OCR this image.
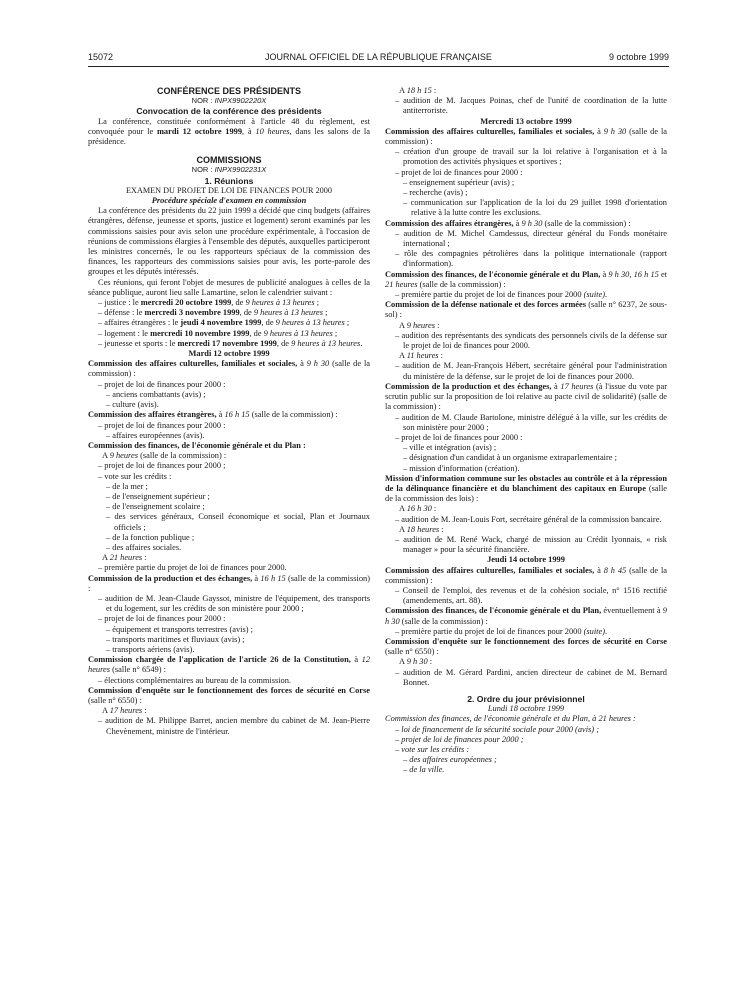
15072	JOURNAL OFFICIEL DE LA RÉPUBLIQUE FRANÇAISE	9 octobre 1999

CONFÉRENCE DES PRÉSIDENTS

NOR : INPX9902220X

Convocation de la conférence des présidents

La conférence, constituée conformément à l'article 48 du règlement, est convoquée pour le mardi 12 octobre 1999, à 10 heures, dans les salons de la présidence.

COMMISSIONS

NOR : INPX9902231X

1. Réunions

EXAMEN DU PROJET DE LOI DE FINANCES POUR 2000

Procédure spéciale d'examen en commission

La conférence des présidents du 22 juin 1999 a décidé que cinq budgets (affaires étrangères, défense, jeunesse et sports, justice et logement) seront examinés par les commissions saisies pour avis selon une procédure expérimentale, à l'occasion de réunions de commissions élargies à l'ensemble des députés, auxquelles participeront les ministres concernés, le ou les rapporteurs spéciaux de la commission des finances, les rapporteurs des commissions saisies pour avis, les porte-parole des groupes et les députés intéressés.

Ces réunions, qui feront l'objet de mesures de publicité analogues à celles de la séance publique, auront lieu salle Lamartine, selon le calendrier suivant :

– justice : le mercredi 20 octobre 1999, de 9 heures à 13 heures ;

– défense : le mercredi 3 novembre 1999, de 9 heures à 13 heures ;

– affaires étrangères : le jeudi 4 novembre 1999, de 9 heures à 13 heures ;

– logement : le mercredi 10 novembre 1999, de 9 heures à 13 heures ;

– jeunesse et sports : le mercredi 17 novembre 1999, de 9 heures à 13 heures.

Mardi 12 octobre 1999

Commission des affaires culturelles, familiales et sociales, à 9 h 30 (salle de la commission) :

– projet de loi de finances pour 2000 :

– anciens combattants (avis) ;

– culture (avis).

Commission des affaires étrangères, à 16 h 15 (salle de la commission) :

– projet de loi de finances pour 2000 :

– affaires européennes (avis).

Commission des finances, de l'économie générale et du Plan :

A 9 heures (salle de la commission) :

– projet de loi de finances pour 2000 ;

– vote sur les crédits :

– de la mer ;

– de l'enseignement supérieur ;

– de l'enseignement scolaire ;

– des services généraux, Conseil économique et social, Plan et Journaux officiels ;

– de la fonction publique ;

– des affaires sociales.

A 21 heures :

– première partie du projet de loi de finances pour 2000.

Commission de la production et des échanges, à 16 h 15 (salle de la commission) :

– audition de M. Jean-Claude Gayssot, ministre de l'équipement, des transports et du logement, sur les crédits de son ministère pour 2000 ;

– projet de loi de finances pour 2000 :

– équipement et transports terrestres (avis) ;

– transports maritimes et fluviaux (avis) ;

– transports aériens (avis).

Commission chargée de l'application de l'article 26 de la Constitution, à 12 heures (salle n° 6549) :

– élections complémentaires au bureau de la commission.

Commission d'enquête sur le fonctionnement des forces de sécurité en Corse (salle n° 6550) :

A 17 heures :

– audition de M. Philippe Barret, ancien membre du cabinet de M. Jean-Pierre Chevènement, ministre de l'intérieur.

A 18 h 15 :

– audition de M. Jacques Poinas, chef de l'unité de coordination de la lutte antiterroriste.

Mercredi 13 octobre 1999

Commission des affaires culturelles, familiales et sociales, à 9 h 30 (salle de la commission) :

– création d'un groupe de travail sur la loi relative à l'organisation et à la promotion des activités physiques et sportives ;

– projet de loi de finances pour 2000 :

– enseignement supérieur (avis) ;

– recherche (avis) ;

– communication sur l'application de la loi du 29 juillet 1998 d'orientation relative à la lutte contre les exclusions.

Commission des affaires étrangères, à 9 h 30 (salle de la commission) :

– audition de M. Michel Camdessus, directeur général du Fonds monétaire international ;

– rôle des compagnies pétrolières dans la politique internationale (rapport d'information).

Commission des finances, de l'économie générale et du Plan, à 9 h 30, 16 h 15 et 21 heures (salle de la commission) :

– première partie du projet de loi de finances pour 2000 (suite).

Commission de la défense nationale et des forces armées (salle n° 6237, 2e sous-sol) :

A 9 heures :

– audition des représentants des syndicats des personnels civils de la défense sur le projet de loi de finances pour 2000.

A 11 heures :

– audition de M. Jean-François Hébert, secrétaire général pour l'administration du ministère de la défense, sur le projet de loi de finances pour 2000.

Commission de la production et des échanges, à 17 heures (à l'issue du vote par scrutin public sur la proposition de loi relative au pacte civil de solidarité) (salle de la commission) :

– audition de M. Claude Bartolone, ministre délégué à la ville, sur les crédits de son ministère pour 2000 ;

– projet de loi de finances pour 2000 :

– ville et intégration (avis) ;

– désignation d'un candidat à un organisme extraparlementaire ;

– mission d'information (création).

Mission d'information commune sur les obstacles au contrôle et à la répression de la délinquance financière et du blanchiment des capitaux en Europe (salle de la commission des lois) :

A 16 h 30 :

– audition de M. Jean-Louis Fort, secrétaire général de la commission bancaire.

A 18 heures :

– audition de M. René Wack, chargé de mission au Crédit lyonnais, « risk manager » pour la sécurité financière.

Jeudi 14 octobre 1999

Commission des affaires culturelles, familiales et sociales, à 8 h 45 (salle de la commission) :

– Conseil de l'emploi, des revenus et de la cohésion sociale, n° 1516 rectifié (amendements, art. 88).

Commission des finances, de l'économie générale et du Plan, éventuellement à 9 h 30 (salle de la commission) :

– première partie du projet de loi de finances pour 2000 (suite).

Commission d'enquête sur le fonctionnement des forces de sécurité en Corse (salle n° 6550) :

A 9 h 30 :

– audition de M. Gérard Pardini, ancien directeur de cabinet de M. Bernard Bonnet.

2. Ordre du jour prévisionnel

Lundi 18 octobre 1999

Commission des finances, de l'économie générale et du Plan, à 21 heures :

– loi de financement de la sécurité sociale pour 2000 (avis) ;

– projet de loi de finances pour 2000 ;

– vote sur les crédits :

– des affaires européennes ;

– de la ville.
